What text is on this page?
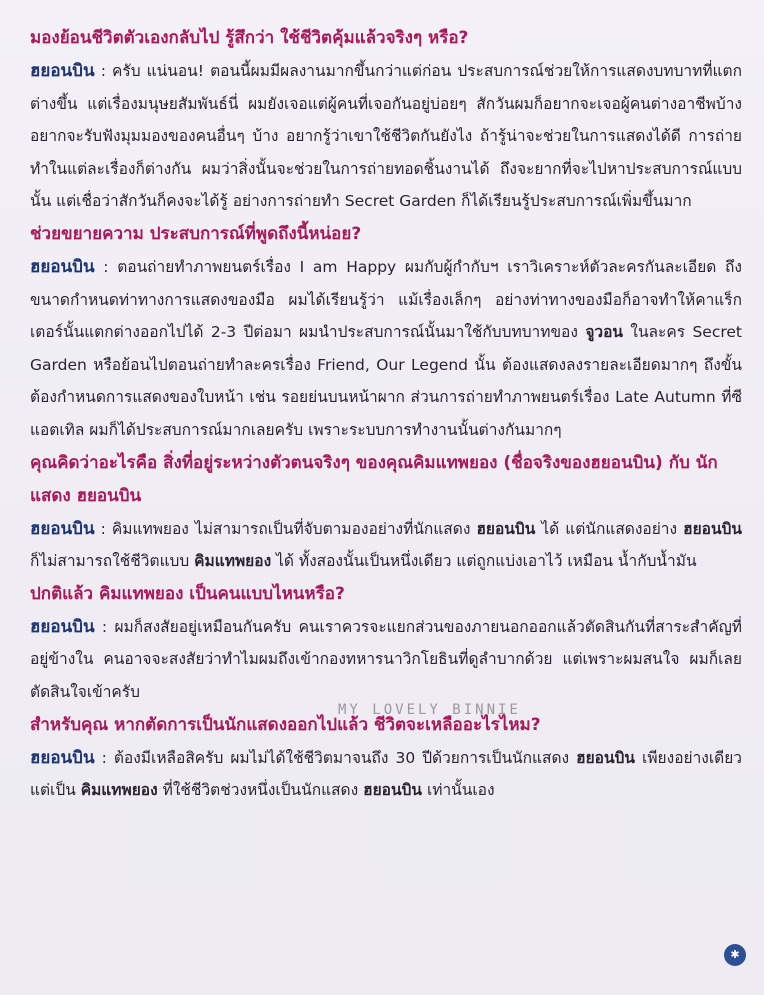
มองย้อนชีวิตตัวเองกลับไป รู้สึกว่า ใช้ชีวิตคุ้มแล้วจริงๆ หรือ?

ฮยอนบิน : ครับ แน่นอน! ตอนนี้ผมมีผลงานมากขึ้นกว่าแต่ก่อน ประสบการณ์ช่วยให้การแสดงบทบาทที่แตกต่างขึ้น แต่เรื่องมนุษยสัมพันธ์นี่ ผมยังเจอแต่ผู้คนที่เจอกันอยู่บ่อยๆ สักวันผมก็อยากจะเจอผู้คนต่างอาชีพบ้าง อยากจะรับฟังมุมมองของคนอื่นๆ บ้าง อยากรู้ว่าเขาใช้ชีวิตกันยังไง ถ้ารู้น่าจะช่วยในการแสดงได้ดี การถ่ายทำในแต่ละเรื่องก็ต่างกัน ผมว่าสิ่งนั้นจะช่วยในการถ่ายทอดชิ้นงานได้ ถึงจะยากที่จะไปหาประสบการณ์แบบนั้น แต่เชื่อว่าสักวันก็คงจะได้รู้ อย่างการถ่ายทำ Secret Garden ก็ได้เรียนรู้ประสบการณ์เพิ่มขึ้นมาก

ช่วยขยายความ ประสบการณ์ที่พูดถึงนี้หน่อย?

ฮยอนบิน : ตอนถ่ายทำภาพยนตร์เรื่อง I am Happy ผมกับผู้กำกับฯ เราวิเคราะห์ตัวละครกันละเอียด ถึงขนาดกำหนดท่าทางการแสดงของมือ ผมได้เรียนรู้ว่า แม้เรื่องเล็กๆ อย่างท่าทางของมือก็อาจทำให้คาแร็กเตอร์นั้นแตกต่างออกไปได้ 2-3 ปีต่อมา ผมนำประสบการณ์นั้นมาใช้กับบทบาทของ จูวอน ในละคร Secret Garden หรือย้อนไปตอนถ่ายทำละครเรื่อง Friend, Our Legend นั้น ต้องแสดงลงรายละเอียดมากๆ ถึงขั้นต้องกำหนดการแสดงของใบหน้า เช่น รอยย่นบนหน้าผาก ส่วนการถ่ายทำภาพยนตร์เรื่อง Late Autumn ที่ซีแอตเทิล ผมก็ได้ประสบการณ์มากเลยครับ เพราะระบบการทำงานนั้นต่างกันมากๆ

คุณคิดว่าอะไรคือ สิ่งที่อยู่ระหว่างตัวตนจริงๆ ของคุณคิมแทพยอง (ชื่อจริงของฮยอนบิน) กับ นักแสดง ฮยอนบิน

ฮยอนบิน : คิมแทพยอง ไม่สามารถเป็นที่จับตามองอย่างที่นักแสดง ฮยอนบิน ได้ แต่นักแสดงอย่าง ฮยอนบิน ก็ไม่สามารถใช้ชีวิตแบบ คิมแทพยอง ได้ ทั้งสองนั้นเป็นหนึ่งเดียว แต่ถูกแบ่งเอาไว้ เหมือน น้ำกับน้ำมัน

ปกติแล้ว คิมแทพยอง เป็นคนแบบไหนหรือ?

ฮยอนบิน : ผมก็สงสัยอยู่เหมือนกันครับ คนเราควรจะแยกส่วนของภายนอกออกแล้วตัดสินกันที่สาระสำคัญที่อยู่ข้างใน คนอาจจะสงสัยว่าทำไมผมถึงเข้ากองทหารนาวิกโยธินที่ดูลำบากด้วย แต่เพราะผมสนใจ ผมก็เลยตัดสินใจเข้าครับ

สำหรับคุณ หากตัดการเป็นนักแสดงออกไปแล้ว ชีวิตจะเหลืออะไรไหม?

ฮยอนบิน : ต้องมีเหลือสิครับ ผมไม่ได้ใช้ชีวิตมาจนถึง 30 ปีด้วยการเป็นนักแสดง ฮยอนบิน เพียงอย่างเดียว แต่เป็น คิมแทพยอง ที่ใช้ชีวิตช่วงหนึ่งเป็นนักแสดง ฮยอนบิน เท่านั้นเอง

MY LOVELY BINNIE
✱
